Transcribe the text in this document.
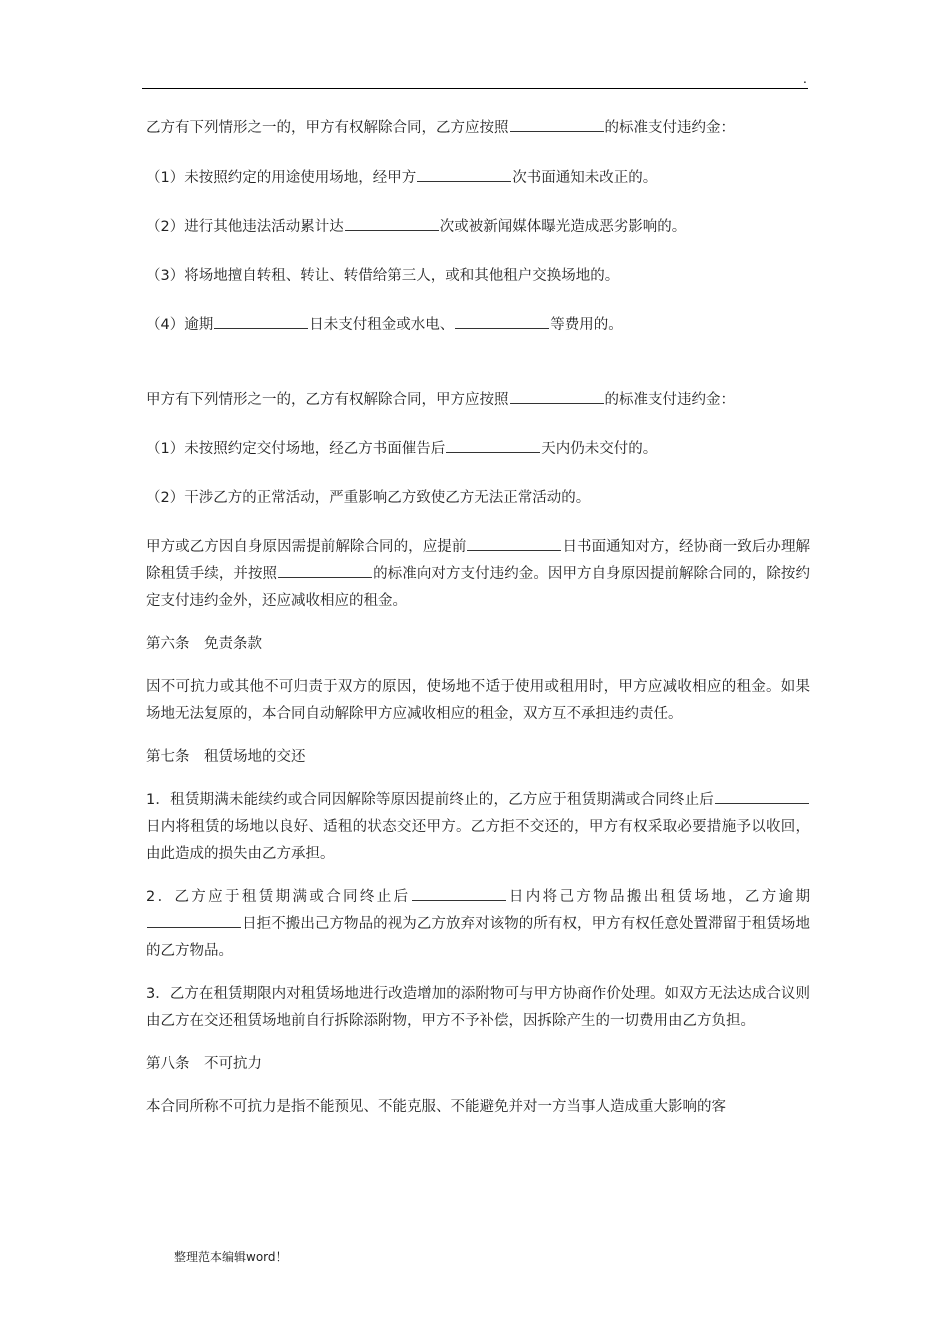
.

乙方有下列情形之一的，甲方有权解除合同，乙方应按照	的标准支付违约金：

（1）未按照约定的用途使用场地，经甲方	次书面通知未改正的。

（2）进行其他违法活动累计达	次或被新闻媒体曝光造成恶劣影响的。

（3）将场地擅自转租、转让、转借给第三人，或和其他租户交换场地的。

（4）逾期	日未支付租金或水电、	等费用的。

甲方有下列情形之一的，乙方有权解除合同，甲方应按照	的标准支付违约金：

（1）未按照约定交付场地，经乙方书面催告后	天内仍未交付的。

（2）干涉乙方的正常活动，严重影响乙方致使乙方无法正常活动的。

甲方或乙方因自身原因需提前解除合同的，应提前	日书面通知对方，经协商一致后办理解除租赁手续，并按照	的标准向对方支付违约金。因甲方自身原因提前解除合同的，除按约定支付违约金外，还应减收相应的租金。

第六条　免责条款

因不可抗力或其他不可归责于双方的原因，使场地不适于使用或租用时，甲方应减收相应的租金。如果场地无法复原的，本合同自动解除甲方应减收相应的租金，双方互不承担违约责任。

第七条　租赁场地的交还

1．租赁期满未能续约或合同因解除等原因提前终止的，乙方应于租赁期满或合同终止后日内将租赁的场地以良好、适租的状态交还甲方。乙方拒不交还的，甲方有权采取必要措施予以收回，由此造成的损失由乙方承担。

2．乙方应于租赁期满或合同终止后	日内将己方物品搬出租赁场地，乙方逾期日拒不搬出己方物品的视为乙方放弃对该物的所有权，甲方有权任意处置滞留于租赁场地的乙方物品。

3．乙方在租赁期限内对租赁场地进行改造增加的添附物可与甲方协商作价处理。如双方无法达成合议则由乙方在交还租赁场地前自行拆除添附物，甲方不予补偿，因拆除产生的一切费用由乙方负担。

第八条　不可抗力

本合同所称不可抗力是指不能预见、不能克服、不能避免并对一方当事人造成重大影响的客

整理范本编辑word！
